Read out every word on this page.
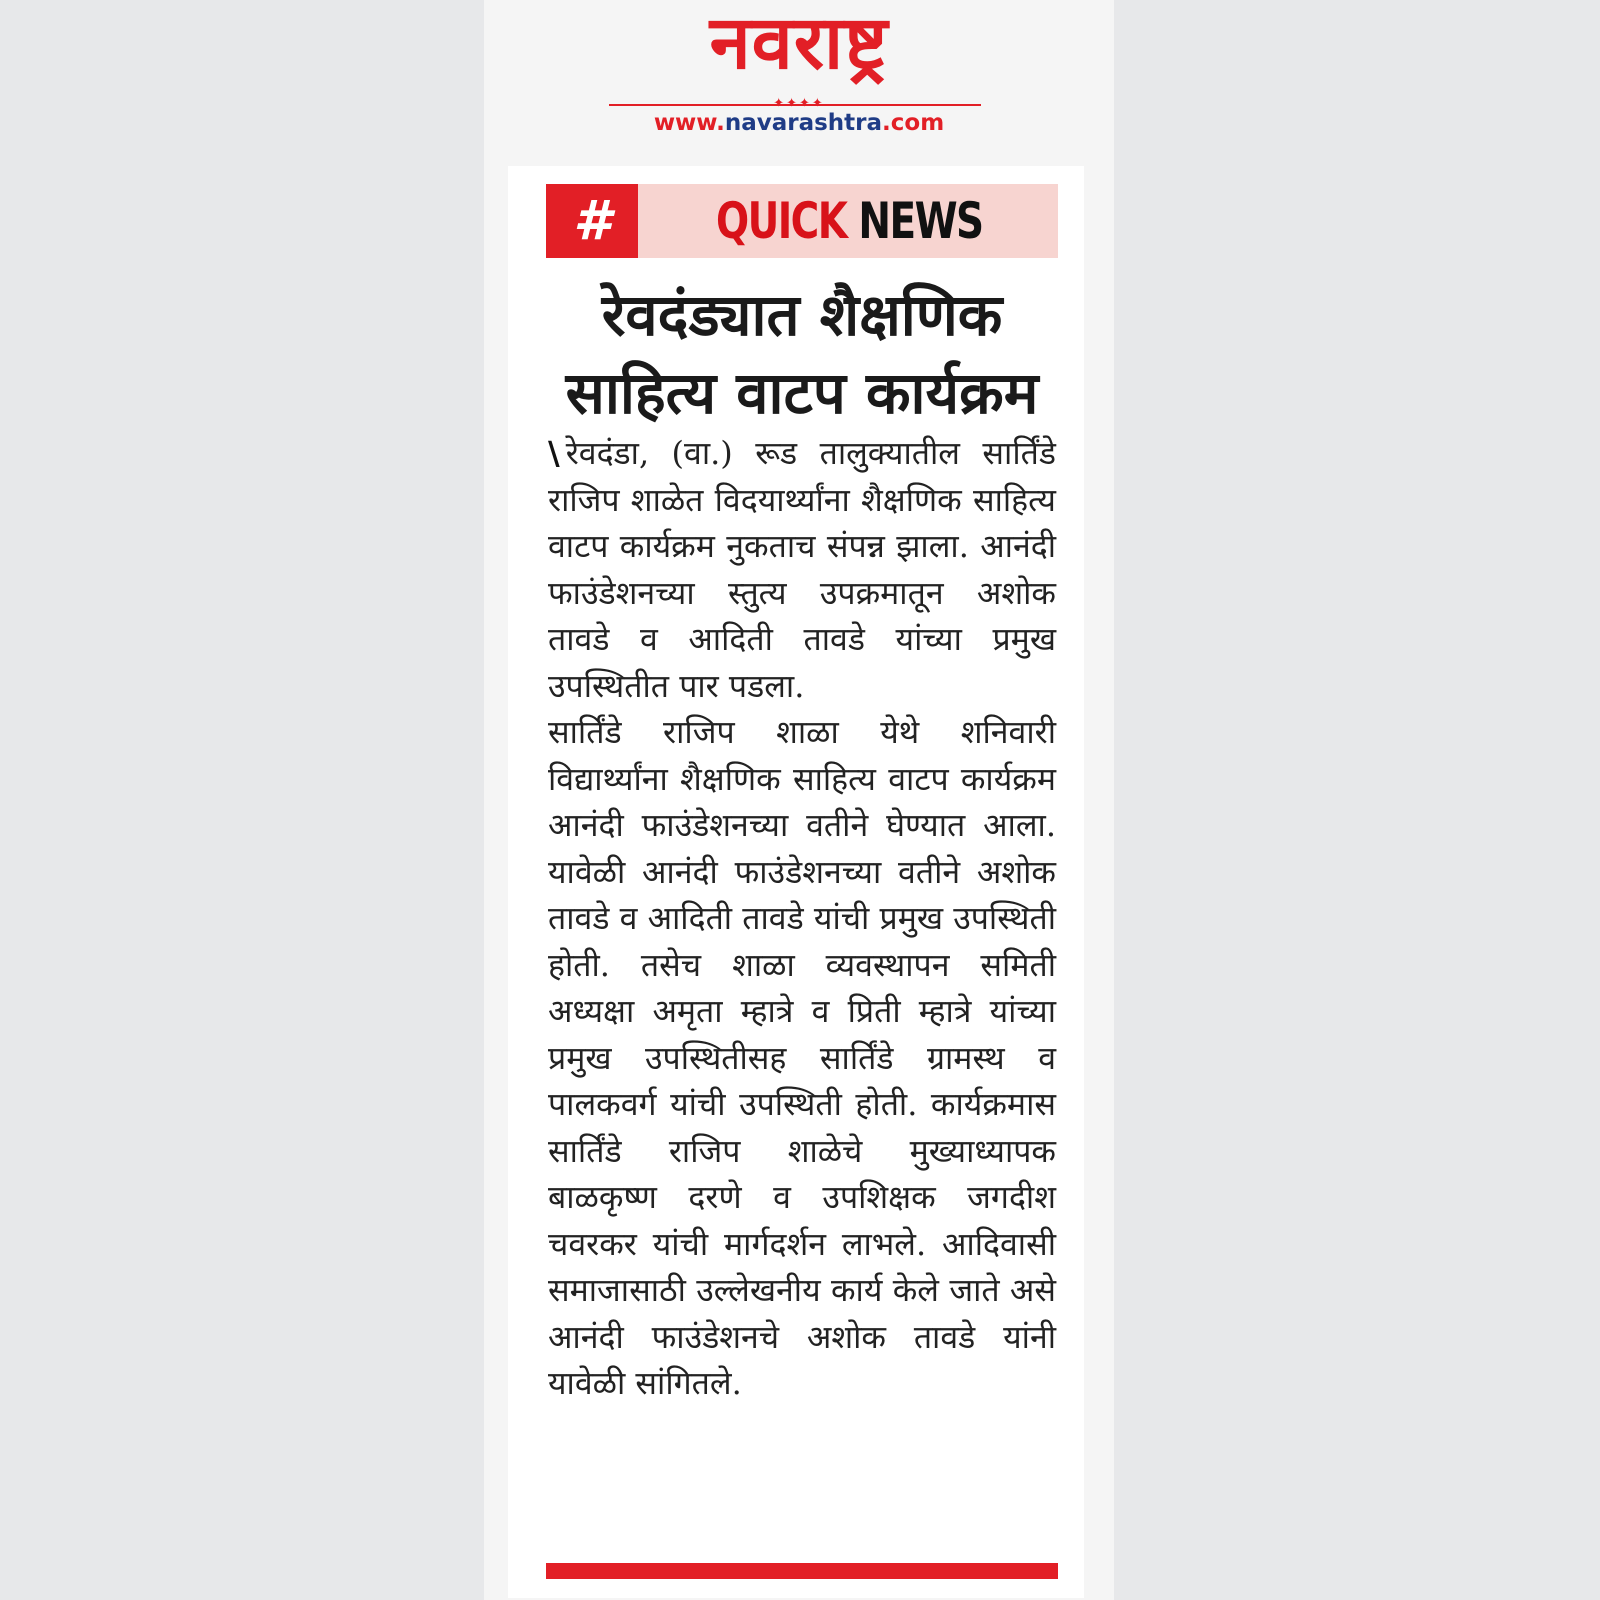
नवराष्ट्र
✦✦✦✦
www.navarashtra.com
#	QUICK NEWS
रेवदंड्यात शैक्षणिक साहित्य वाटप कार्यक्रम

\ रेवदंडा, (वा.) रूड तालुक्यातील सार्तिंडे राजिप शाळेत विदयार्थ्यांना शैक्षणिक साहित्य वाटप कार्यक्रम नुकताच संपन्न झाला. आनंदी फाउंडेशनच्या स्तुत्य उपक्रमातून अशोक तावडे व आदिती तावडे यांच्या प्रमुख उपस्थितीत पार पडला.

सार्तिंडे राजिप शाळा येथे शनिवारी विद्यार्थ्यांना शैक्षणिक साहित्य वाटप कार्यक्रम आनंदी फाउंडेशनच्या वतीने घेण्यात आला. यावेळी आनंदी फाउंडेशनच्या वतीने अशोक तावडे व आदिती तावडे यांची प्रमुख उपस्थिती होती. तसेच शाळा व्यवस्थापन समिती अध्यक्षा अमृता म्हात्रे व प्रिती म्हात्रे यांच्या प्रमुख उपस्थितीसह सार्तिंडे ग्रामस्थ व पालकवर्ग यांची उपस्थिती होती. कार्यक्रमास सार्तिंडे राजिप शाळेचे मुख्याध्यापक बाळकृष्ण दरणे व उपशिक्षक जगदीश चवरकर यांची मार्गदर्शन लाभले. आदिवासी समाजासाठी उल्लेखनीय कार्य केले जाते असे आनंदी फाउंडेशनचे अशोक तावडे यांनी यावेळी सांगितले.
